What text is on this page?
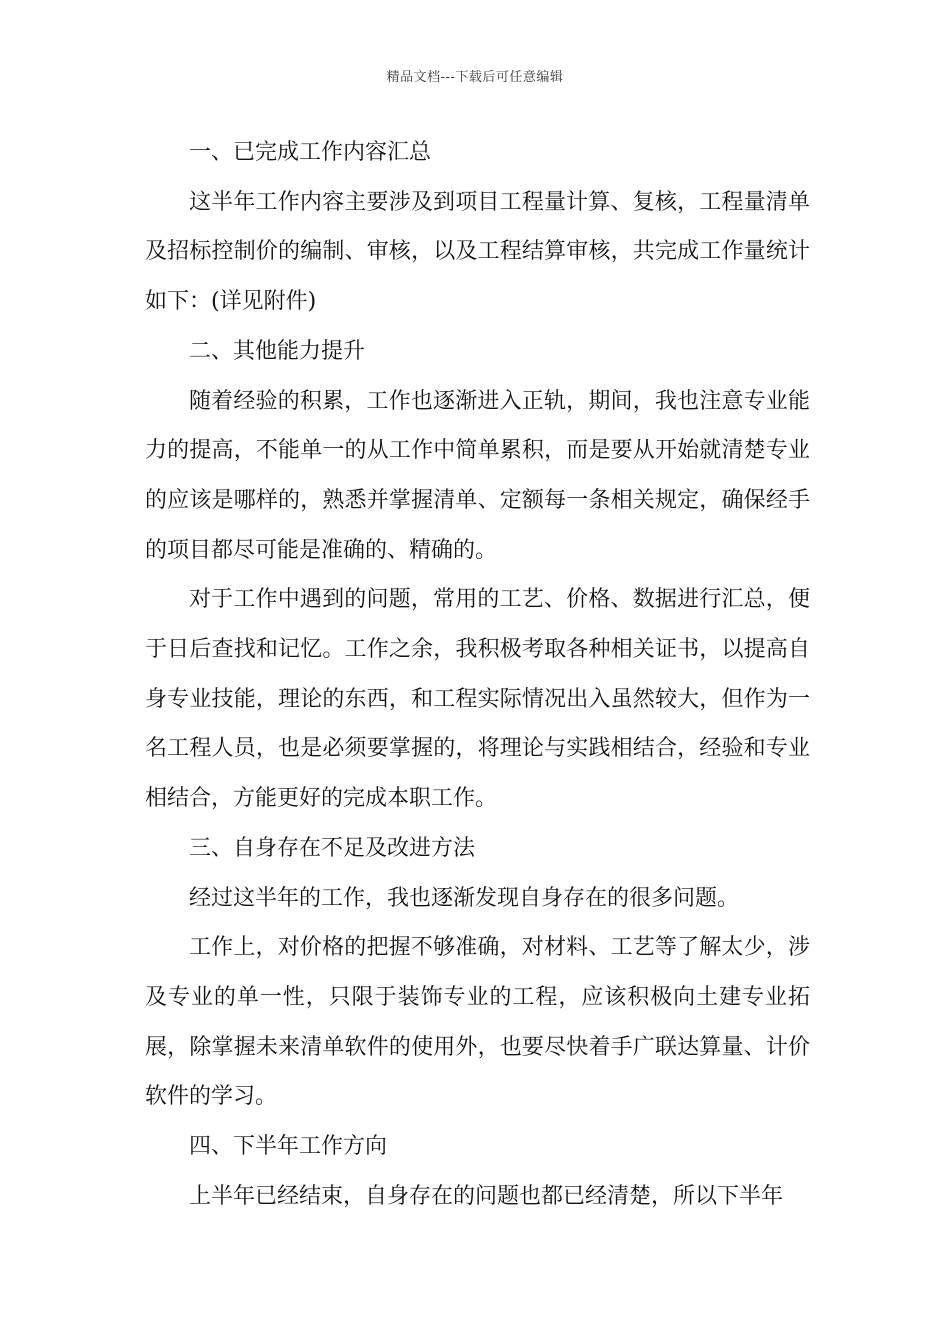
精品文档---下载后可任意编辑

一、已完成工作内容汇总

这半年工作内容主要涉及到项目工程量计算、复核，工程量清单及招标控制价的编制、审核，以及工程结算审核，共完成工作量统计如下：(详见附件)

二、其他能力提升

随着经验的积累，工作也逐渐进入正轨，期间，我也注意专业能力的提高，不能单一的从工作中简单累积，而是要从开始就清楚专业的应该是哪样的，熟悉并掌握清单、定额每一条相关规定，确保经手的项目都尽可能是准确的、精确的。

对于工作中遇到的问题，常用的工艺、价格、数据进行汇总，便于日后查找和记忆。工作之余，我积极考取各种相关证书，以提高自身专业技能，理论的东西，和工程实际情况出入虽然较大，但作为一名工程人员，也是必须要掌握的，将理论与实践相结合，经验和专业相结合，方能更好的完成本职工作。

三、自身存在不足及改进方法

经过这半年的工作，我也逐渐发现自身存在的很多问题。

工作上，对价格的把握不够准确，对材料、工艺等了解太少，涉及专业的单一性，只限于装饰专业的工程，应该积极向土建专业拓展，除掌握未来清单软件的使用外，也要尽快着手广联达算量、计价软件的学习。

四、下半年工作方向

上半年已经结束，自身存在的问题也都已经清楚，所以下半年
